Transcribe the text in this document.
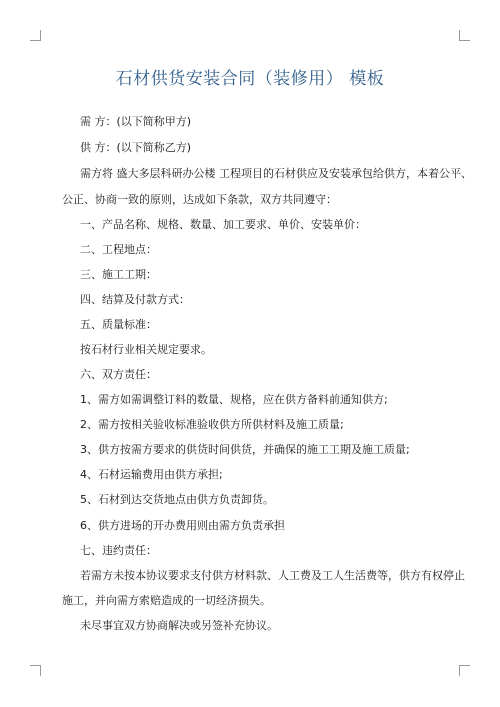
石材供货安装合同（装修用） 模板
需 方：(以下简称甲方)
供 方：(以下简称乙方)
需方将 盛大多层科研办公楼 工程项目的石材供应及安装承包给供方，本着公平、
公正、协商一致的原则，达成如下条款，双方共同遵守：
一、产品名称、规格、数量、加工要求、单价、安装单价：
二、工程地点：
三、施工工期：
四、结算及付款方式：
五、质量标准：
按石材行业相关规定要求。
六、双方责任：
1、需方如需调整订料的数量、规格，应在供方备料前通知供方;
2、需方按相关验收标准验收供方所供材料及施工质量;
3、供方按需方要求的供货时间供货，并确保的施工工期及施工质量;
4、石材运输费用由供方承担;
5、石材到达交货地点由供方负责卸货。
6、供方进场的开办费用则由需方负责承担
七、违约责任：
若需方未按本协议要求支付供方材料款、人工费及工人生活费等，供方有权停止
施工，并向需方索赔造成的一切经济损失。
未尽事宜双方协商解决或另签补充协议。
